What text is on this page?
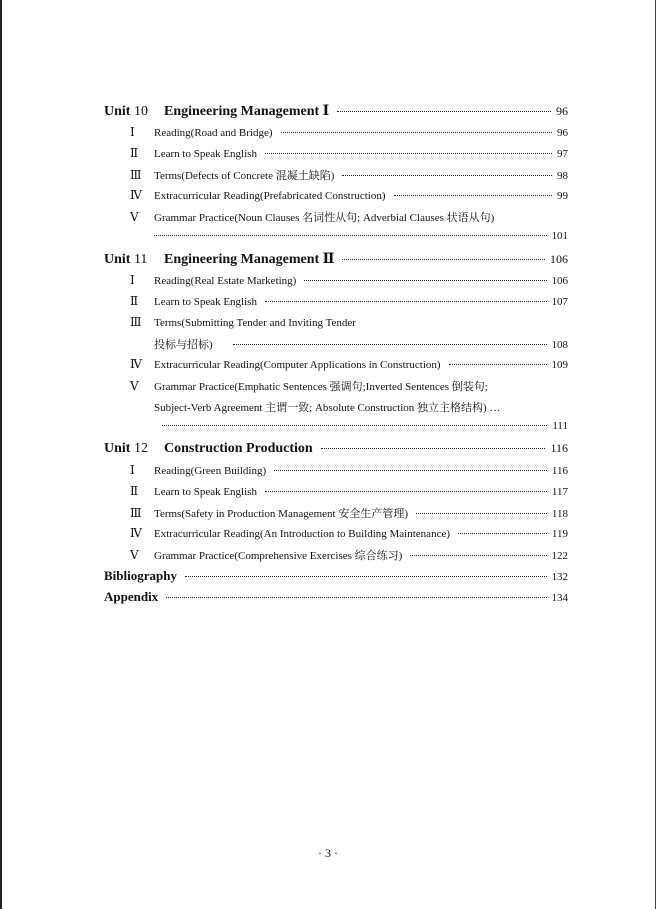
Unit 10	Engineering Management Ⅰ	96
Ⅰ	Reading(Road and Bridge)	96
Ⅱ	Learn to Speak English	97
Ⅲ	Terms(Defects of Concrete 混凝土缺陷)	98
Ⅳ	Extracurricular Reading(Prefabricated Construction)	99
Ⅴ	Grammar Practice(Noun Clauses 名词性从句; Adverbial Clauses 状语从句)
101
Unit 11	Engineering Management Ⅱ	106
Ⅰ	Reading(Real Estate Marketing)	106
Ⅱ	Learn to Speak English	107
Ⅲ	Terms(Submitting Tender and Inviting Tender
投标与招标)	108
Ⅳ	Extracurricular Reading(Computer Applications in Construction)	109
Ⅴ	Grammar Practice(Emphatic Sentences 强调句;Inverted Sentences 倒装句;
Subject-Verb Agreement 主谓一致; Absolute Construction 独立主格结构) …
111
Unit 12	Construction Production	116
Ⅰ	Reading(Green Building)	116
Ⅱ	Learn to Speak English	117
Ⅲ	Terms(Safety in Production Management 安全生产管理)	118
Ⅳ	Extracurricular Reading(An Introduction to Building Maintenance)	119
Ⅴ	Grammar Practice(Comprehensive Exercises 综合练习)	122
Bibliography	132
Appendix	134
· 3 ·
